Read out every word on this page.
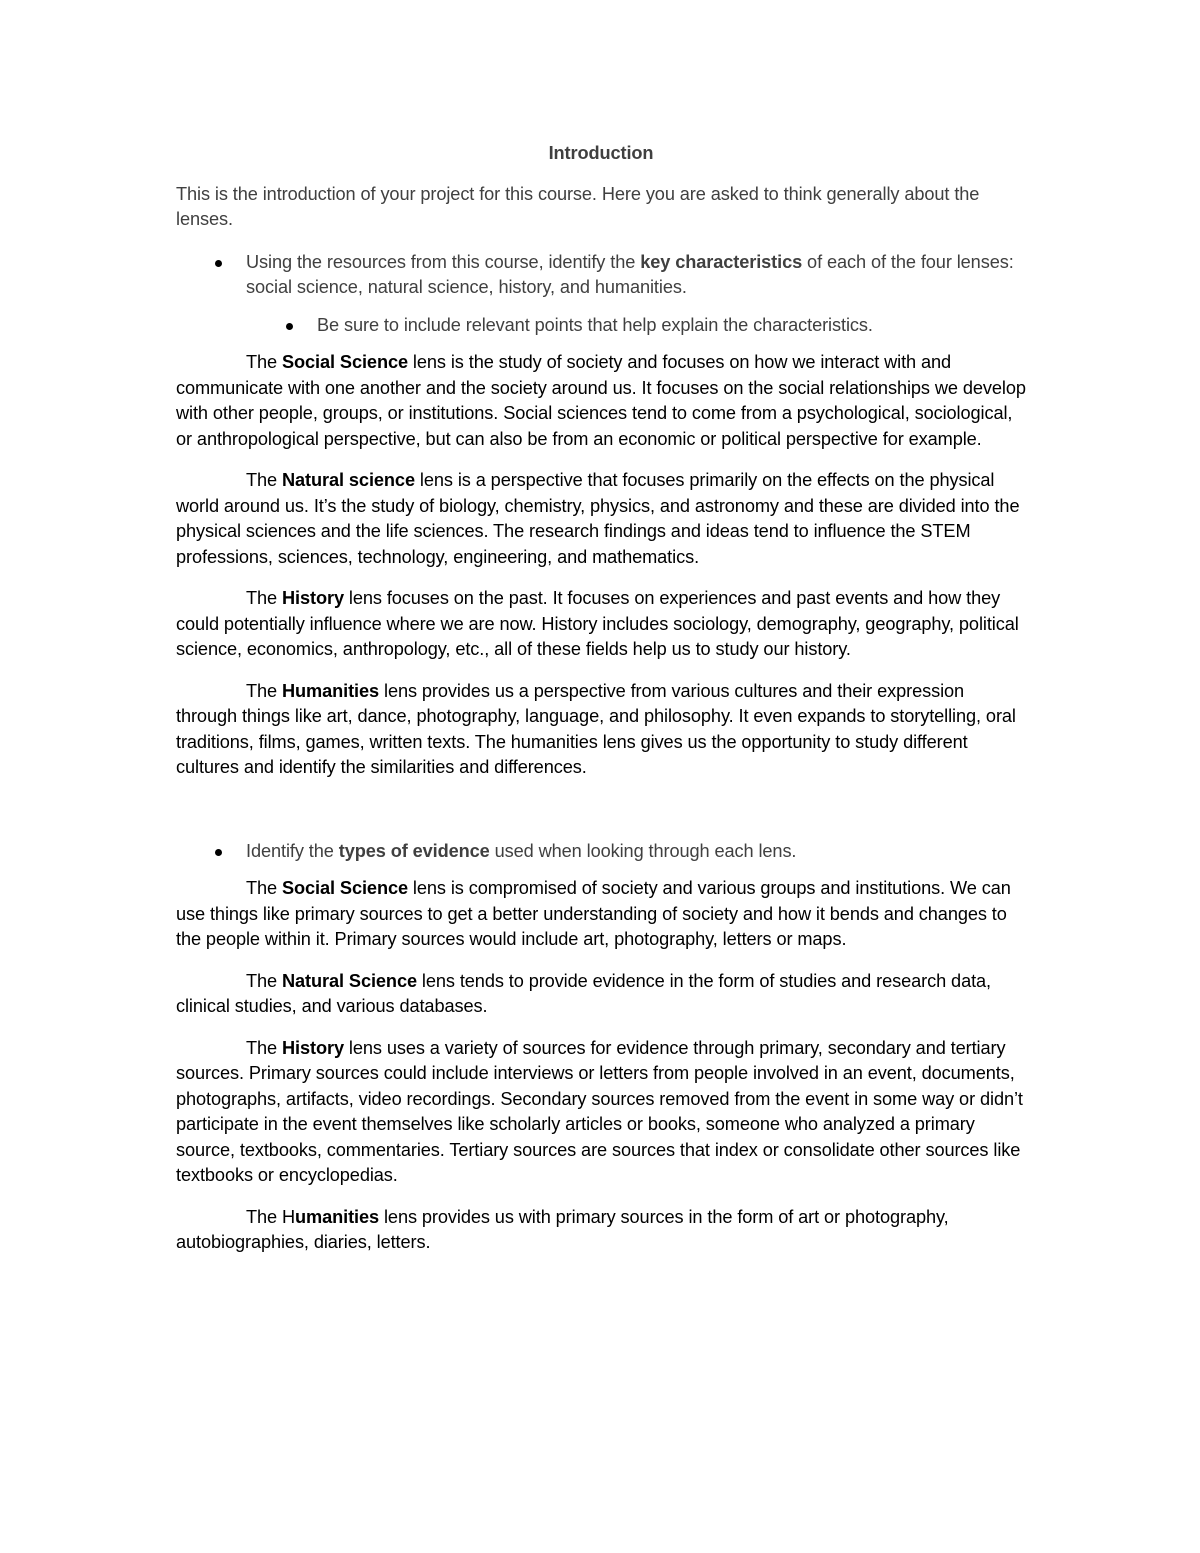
Introduction
This is the introduction of your project for this course. Here you are asked to think generally about the lenses.
Using the resources from this course, identify the key characteristics of each of the four lenses: social science, natural science, history, and humanities.
Be sure to include relevant points that help explain the characteristics.

The Social Science lens is the study of society and focuses on how we interact with and communicate with one another and the society around us. It focuses on the social relationships we develop with other people, groups, or institutions. Social sciences tend to come from a psychological, sociological, or anthropological perspective, but can also be from an economic or political perspective for example.

The Natural science lens is a perspective that focuses primarily on the effects on the physical world around us. It’s the study of biology, chemistry, physics, and astronomy and these are divided into the physical sciences and the life sciences. The research findings and ideas tend to influence the STEM professions, sciences, technology, engineering, and mathematics.

The History lens focuses on the past. It focuses on experiences and past events and how they could potentially influence where we are now. History includes sociology, demography, geography, political science, economics, anthropology, etc., all of these fields help us to study our history.

The Humanities lens provides us a perspective from various cultures and their expression through things like art, dance, photography, language, and philosophy. It even expands to storytelling, oral traditions, films, games, written texts. The humanities lens gives us the opportunity to study different cultures and identify the similarities and differences.

Identify the types of evidence used when looking through each lens.

The Social Science lens is compromised of society and various groups and institutions. We can use things like primary sources to get a better understanding of society and how it bends and changes to the people within it. Primary sources would include art, photography, letters or maps.

The Natural Science lens tends to provide evidence in the form of studies and research data, clinical studies, and various databases.

The History lens uses a variety of sources for evidence through primary, secondary and tertiary sources. Primary sources could include interviews or letters from people involved in an event, documents, photographs, artifacts, video recordings. Secondary sources removed from the event in some way or didn’t participate in the event themselves like scholarly articles or books, someone who analyzed a primary source, textbooks, commentaries. Tertiary sources are sources that index or consolidate other sources like textbooks or encyclopedias.

The Humanities lens provides us with primary sources in the form of art or photography, autobiographies, diaries, letters.
